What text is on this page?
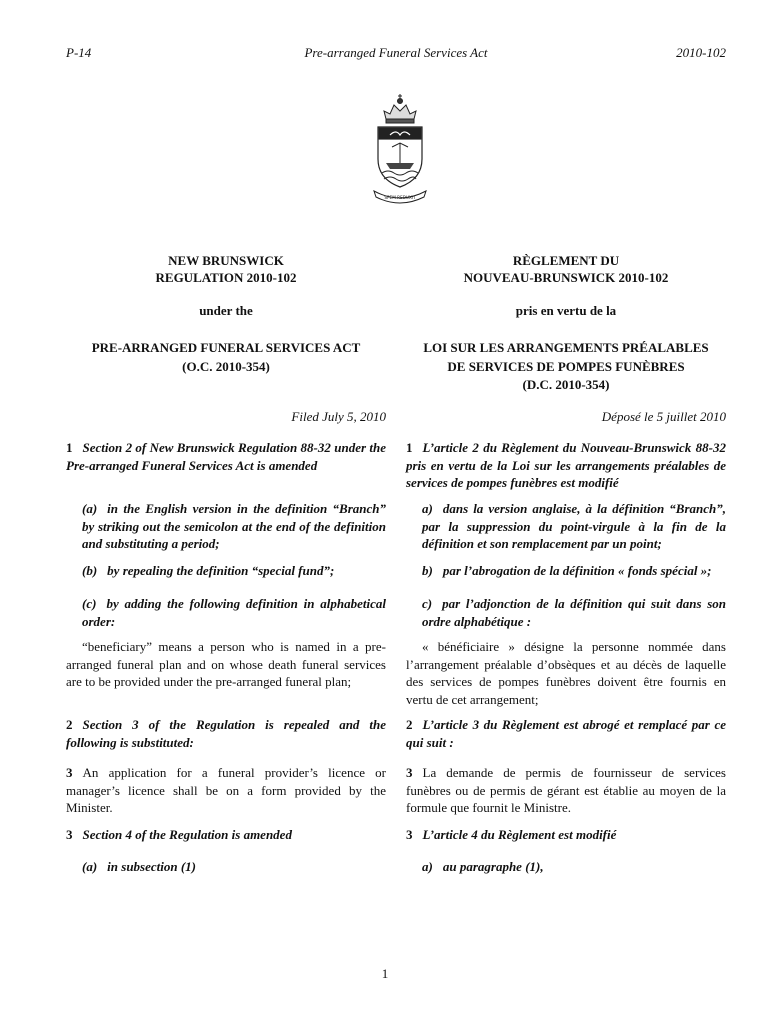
P-14	Pre-arranged Funeral Services Act	2010-102
SPEM REDUXIT
NEW BRUNSWICK
REGULATION 2010-102
under the
PRE-ARRANGED FUNERAL SERVICES ACT
(O.C. 2010-354)
Filed July 5, 2010
1 Section 2 of New Brunswick Regulation 88-32 under the Pre-arranged Funeral Services Act is amended
(a) in the English version in the definition “Branch” by striking out the semicolon at the end of the definition and substituting a period;
(b) by repealing the definition “special fund”;
(c) by adding the following definition in alphabetical order:
“beneficiary” means a person who is named in a pre-arranged funeral plan and on whose death funeral services are to be provided under the pre-arranged funeral plan;
2 Section 3 of the Regulation is repealed and the following is substituted:
3 An application for a funeral provider’s licence or manager’s licence shall be on a form provided by the Minister.
3 Section 4 of the Regulation is amended
(a) in subsection (1)
RÈGLEMENT DU
NOUVEAU-BRUNSWICK 2010-102
pris en vertu de la
LOI SUR LES ARRANGEMENTS PRÉALABLES
DE SERVICES DE POMPES FUNÈBRES
(D.C. 2010-354)
Déposé le 5 juillet 2010
1 L’article 2 du Règlement du Nouveau-Brunswick 88-32 pris en vertu de la Loi sur les arrangements préalables de services de pompes funèbres est modifié
a) dans la version anglaise, à la définition “Branch”, par la suppression du point-virgule à la fin de la définition et son remplacement par un point;
b) par l’abrogation de la définition « fonds spécial »;
c) par l’adjonction de la définition qui suit dans son ordre alphabétique :
« bénéficiaire » désigne la personne nommée dans l’arrangement préalable d’obsèques et au décès de laquelle des services de pompes funèbres doivent être fournis en vertu de cet arrangement;
2 L’article 3 du Règlement est abrogé et remplacé par ce qui suit :
3 La demande de permis de fournisseur de services funèbres ou de permis de gérant est établie au moyen de la formule que fournit le Ministre.
3 L’article 4 du Règlement est modifié
a) au paragraphe (1),
1
